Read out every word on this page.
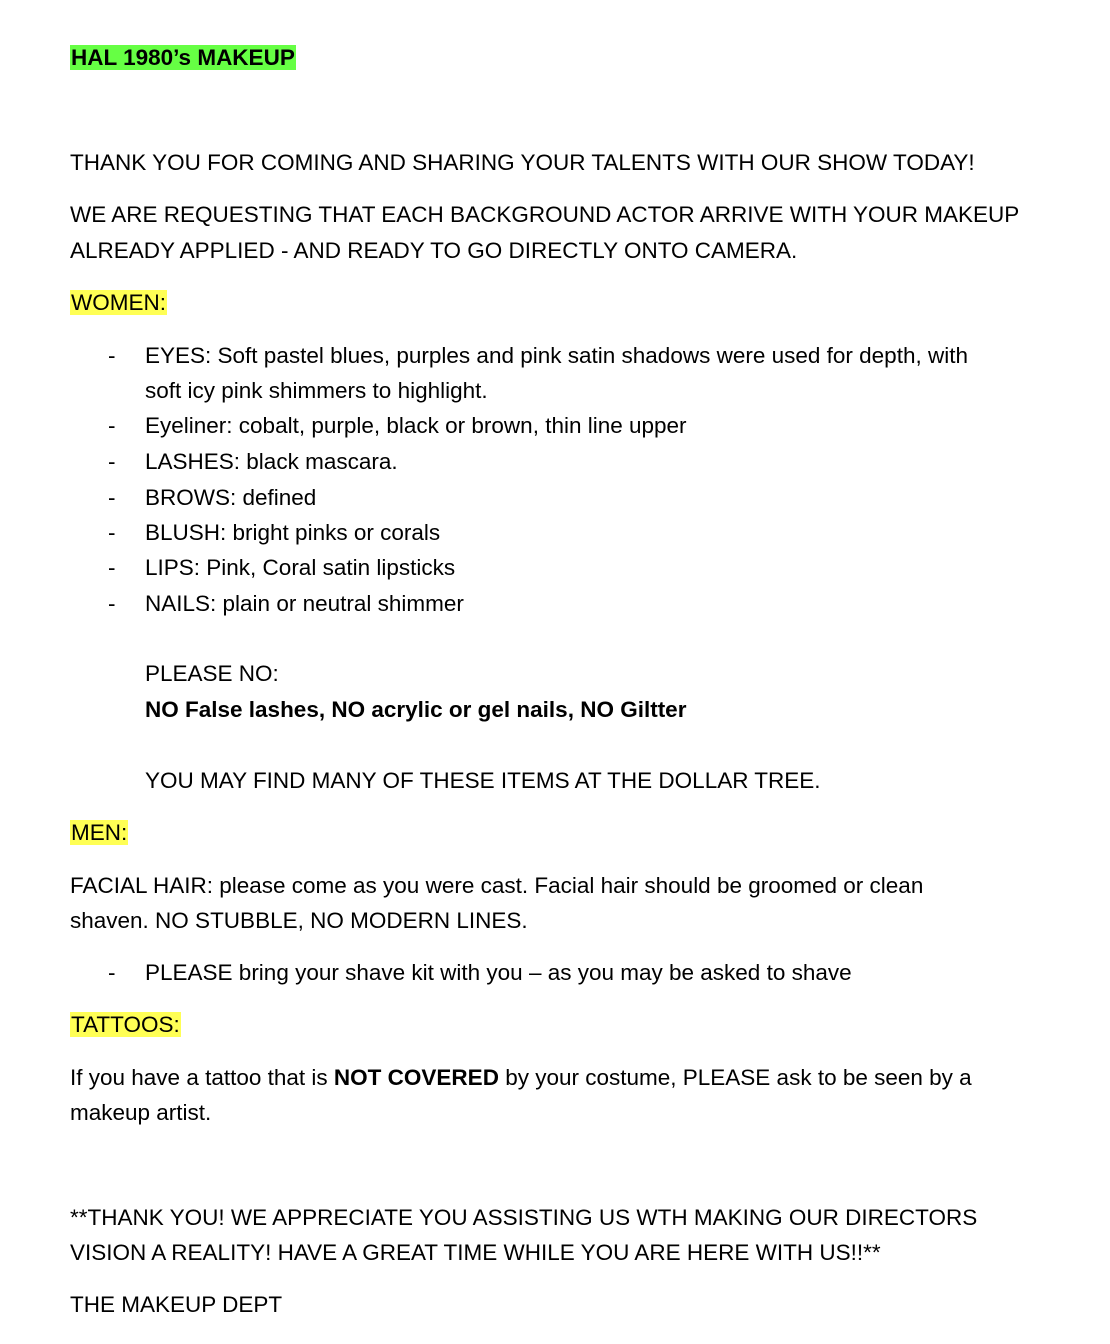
HAL 1980’s MAKEUP
THANK YOU FOR COMING AND SHARING YOUR TALENTS WITH OUR SHOW TODAY!
WE ARE REQUESTING THAT EACH BACKGROUND ACTOR ARRIVE WITH YOUR MAKEUP
ALREADY APPLIED - AND READY TO GO DIRECTLY ONTO CAMERA.
WOMEN:
- EYES: Soft pastel blues, purples and pink satin shadows were used for depth, with
soft icy pink shimmers to highlight.
- Eyeliner: cobalt, purple, black or brown, thin line upper
- LASHES: black mascara.
- BROWS: defined
- BLUSH: bright pinks or corals
- LIPS: Pink, Coral satin lipsticks
- NAILS: plain or neutral shimmer
PLEASE NO:
NO False lashes, NO acrylic or gel nails, NO Giltter
YOU MAY FIND MANY OF THESE ITEMS AT THE DOLLAR TREE.
MEN:
FACIAL HAIR: please come as you were cast. Facial hair should be groomed or clean
shaven. NO STUBBLE, NO MODERN LINES.
- PLEASE bring your shave kit with you – as you may be asked to shave
TATTOOS:
If you have a tattoo that is NOT COVERED by your costume, PLEASE ask to be seen by a
makeup artist.
**THANK YOU! WE APPRECIATE YOU ASSISTING US WTH MAKING OUR DIRECTORS
VISION A REALITY! HAVE A GREAT TIME WHILE YOU ARE HERE WITH US!!**
THE MAKEUP DEPT
